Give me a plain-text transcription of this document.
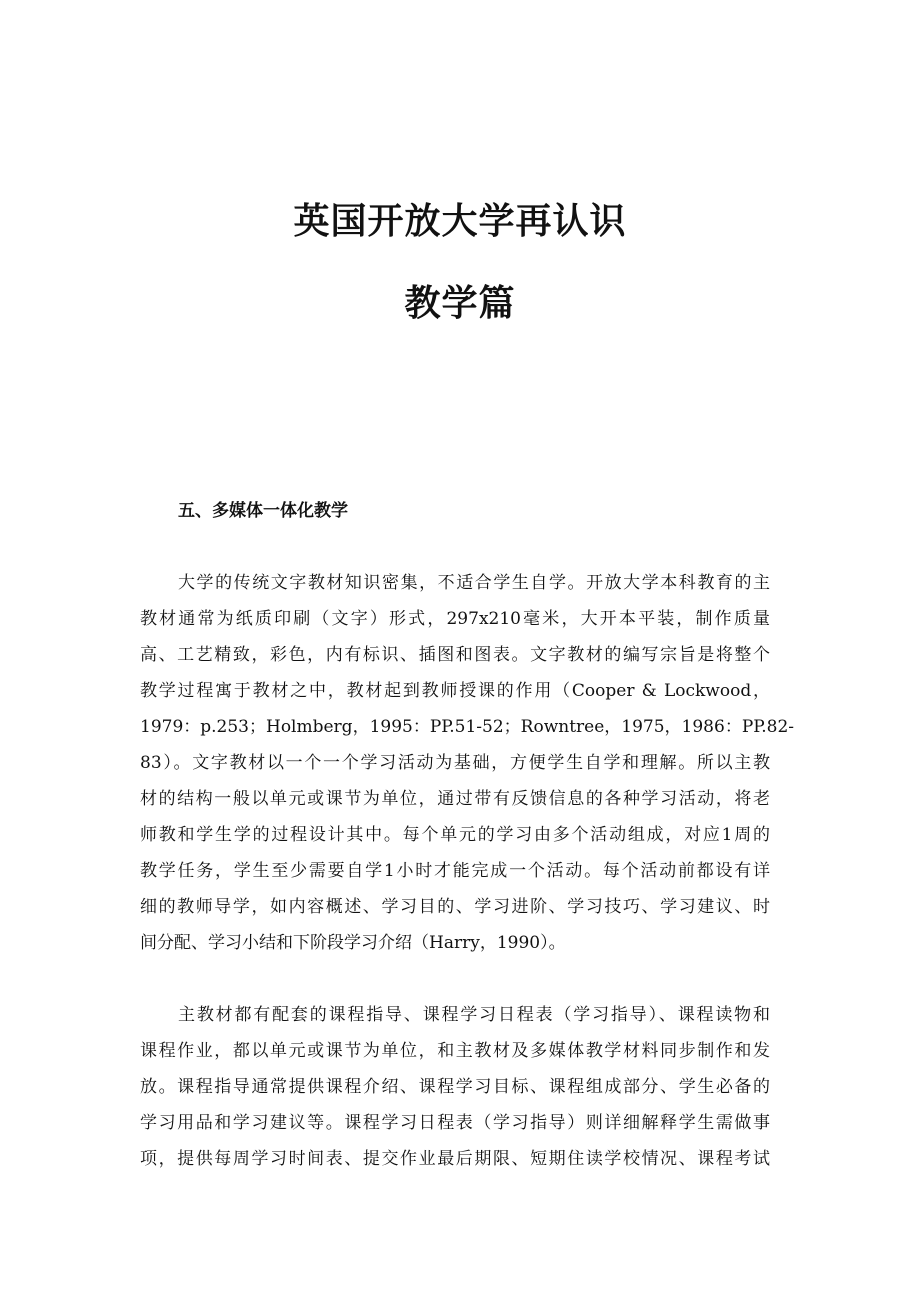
英国开放大学再认识
教学篇
五、多媒体一体化教学
大学的传统文字教材知识密集，不适合学生自学。开放大学本科教育的主
教材通常为纸质印刷（文字）形式，297x210毫米，大开本平装，制作质量
高、工艺精致，彩色，内有标识、插图和图表。文字教材的编写宗旨是将整个
教学过程寓于教材之中，教材起到教师授课的作用（Cooper & Lockwood，
1979：p.253；Holmberg，1995：PP.51-52；Rowntree，1975，1986：PP.82-
83）。文字教材以一个一个学习活动为基础，方便学生自学和理解。所以主教
材的结构一般以单元或课节为单位，通过带有反馈信息的各种学习活动，将老
师教和学生学的过程设计其中。每个单元的学习由多个活动组成，对应1周的
教学任务，学生至少需要自学1小时才能完成一个活动。每个活动前都设有详
细的教师导学，如内容概述、学习目的、学习进阶、学习技巧、学习建议、时
间分配、学习小结和下阶段学习介绍（Harry，1990）。
主教材都有配套的课程指导、课程学习日程表（学习指导）、课程读物和
课程作业，都以单元或课节为单位，和主教材及多媒体教学材料同步制作和发
放。课程指导通常提供课程介绍、课程学习目标、课程组成部分、学生必备的
学习用品和学习建议等。课程学习日程表（学习指导）则详细解释学生需做事
项，提供每周学习时间表、提交作业最后期限、短期住读学校情况、课程考试
